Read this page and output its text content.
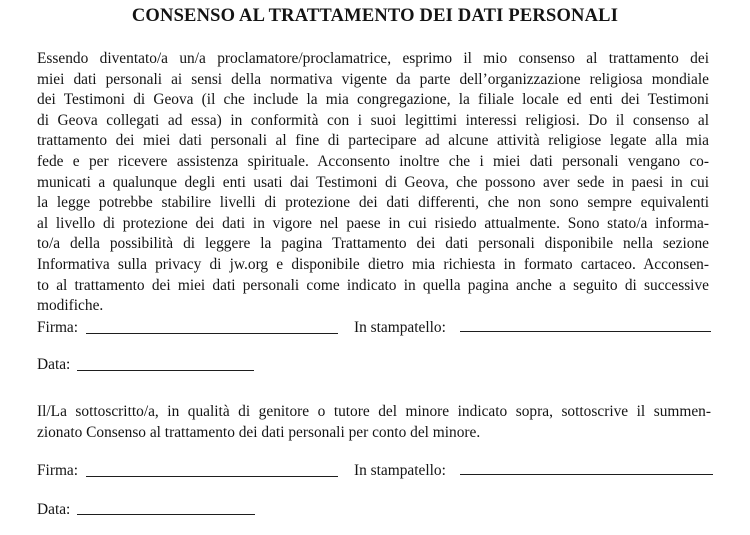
CONSENSO AL TRATTAMENTO DEI DATI PERSONALI
Essendo diventato/a un/a proclamatore/proclamatrice, esprimo il mio consenso al trattamento dei
miei dati personali ai sensi della normativa vigente da parte dell’organizzazione religiosa mondiale
dei Testimoni di Geova (il che include la mia congregazione, la filiale locale ed enti dei Testimoni
di Geova collegati ad essa) in conformità con i suoi legittimi interessi religiosi. Do il consenso al
trattamento dei miei dati personali al fine di partecipare ad alcune attività religiose legate alla mia
fede e per ricevere assistenza spirituale. Acconsento inoltre che i miei dati personali vengano co-
municati a qualunque degli enti usati dai Testimoni di Geova, che possono aver sede in paesi in cui
la legge potrebbe stabilire livelli di protezione dei dati differenti, che non sono sempre equivalenti
al livello di protezione dei dati in vigore nel paese in cui risiedo attualmente. Sono stato/a informa-
to/a della possibilità di leggere la pagina Trattamento dei dati personali disponibile nella sezione
Informativa sulla privacy di jw.org e disponibile dietro mia richiesta in formato cartaceo. Acconsen-
to al trattamento dei miei dati personali come indicato in quella pagina anche a seguito di successive
modifiche.
Firma:	In stampatello:
Data:
Il/La sottoscritto/a, in qualità di genitore o tutore del minore indicato sopra, sottoscrive il summen-
zionato Consenso al trattamento dei dati personali per conto del minore.
Firma:	In stampatello:
Data:
